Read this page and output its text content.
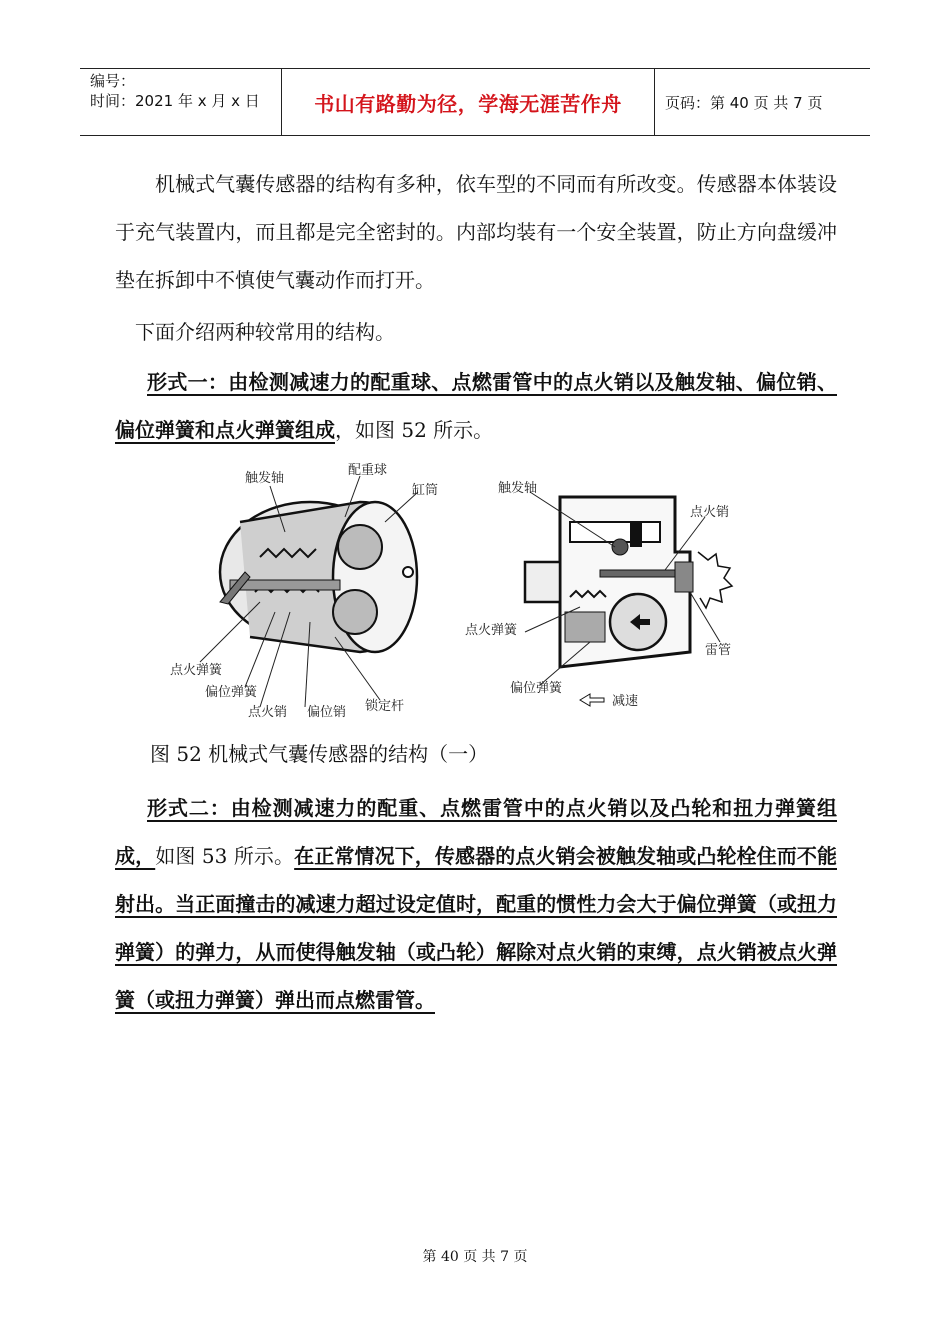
编号：
时间：2021 年 x 月 x 日	书山有路勤为径，学海无涯苦作舟	页码：第 40 页 共 7 页
机械式气囊传感器的结构有多种，依车型的不同而有所改变。传感器本体装设于充气装置内，而且都是完全密封的。内部均装有一个安全装置，防止方向盘缓冲垫在拆卸中不慎使气囊动作而打开。
下面介绍两种较常用的结构。
形式一：由检测减速力的配重球、点燃雷管中的点火销以及触发轴、偏位销、偏位弹簧和点火弹簧组成，如图 52 所示。
触发轴
配重球
缸筒
点火弹簧
偏位弹簧
点火销 偏位销 锁定杆
触发轴
点火销
点火弹簧
雷管
偏位弹簧
减速
图 52 机械式气囊传感器的结构（一）
形式二：由检测减速力的配重、点燃雷管中的点火销以及凸轮和扭力弹簧组成，如图 53 所示。在正常情况下，传感器的点火销会被触发轴或凸轮栓住而不能射出。当正面撞击的减速力超过设定值时，配重的惯性力会大于偏位弹簧（或扭力弹簧）的弹力，从而使得触发轴（或凸轮）解除对点火销的束缚，点火销被点火弹簧（或扭力弹簧）弹出而点燃雷管。
第 40 页 共 7 页
